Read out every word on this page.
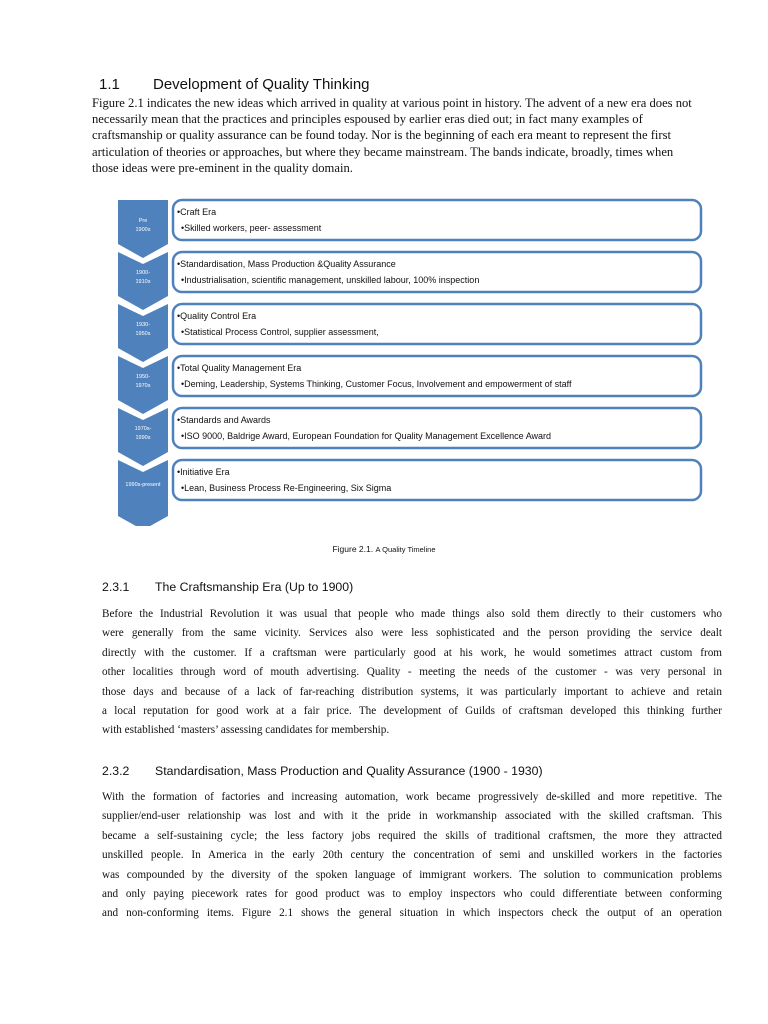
1.1 Development of Quality Thinking
Figure 2.1 indicates the new ideas which arrived in quality at various point in history. The advent of a new era does not
necessarily mean that the practices and principles espoused by earlier eras died out; in fact many examples of
craftsmanship or quality assurance can be found today. Nor is the beginning of each era meant to represent the first
articulation of theories or approaches, but where they became mainstream. The bands indicate, broadly, times when
those ideas were pre-eminent in the quality domain.
Pre
1900s
•Craft Era
•Skilled workers, peer- assessment
1900-
1910s
•Standardisation, Mass Production &Quality Assurance
•Industrialisation, scientific management, unskilled labour, 100% inspection
1930-
1950s
•Quality Control Era
•Statistical Process Control, supplier assessment,
1950-
1970s
•Total Quality Management Era
•Deming, Leadership, Systems Thinking, Customer Focus, Involvement and empowerment of staff
1970s-
1990s
•Standards and Awards
•ISO 9000, Baldrige Award, European Foundation for Quality Management Excellence Award
1990s-present
•Initiative Era
•Lean, Business Process Re-Engineering, Six Sigma
Figure 2.1. A Quality Timeline
2.3.1 The Craftsmanship Era (Up to 1900)
Before the Industrial Revolution it was usual that people who made things also sold them directly to their customers who
were generally from the same vicinity. Services also were less sophisticated and the person providing the service dealt
directly with the customer. If a craftsman were particularly good at his work, he would sometimes attract custom from
other localities through word of mouth advertising. Quality - meeting the needs of the customer - was very personal in
those days and because of a lack of far-reaching distribution systems, it was particularly important to achieve and retain
a local reputation for good work at a fair price. The development of Guilds of craftsman developed this thinking further
with established ‘masters’ assessing candidates for membership.
2.3.2 Standardisation, Mass Production and Quality Assurance (1900 - 1930)
With the formation of factories and increasing automation, work became progressively de-skilled and more repetitive. The
supplier/end-user relationship was lost and with it the pride in workmanship associated with the skilled craftsman. This
became a self-sustaining cycle; the less factory jobs required the skills of traditional craftsmen, the more they attracted
unskilled people. In America in the early 20th century the concentration of semi and unskilled workers in the factories
was compounded by the diversity of the spoken language of immigrant workers. The solution to communication problems
and only paying piecework rates for good product was to employ inspectors who could differentiate between conforming
and non-conforming items. Figure 2.1 shows the general situation in which inspectors check the output of an operation
